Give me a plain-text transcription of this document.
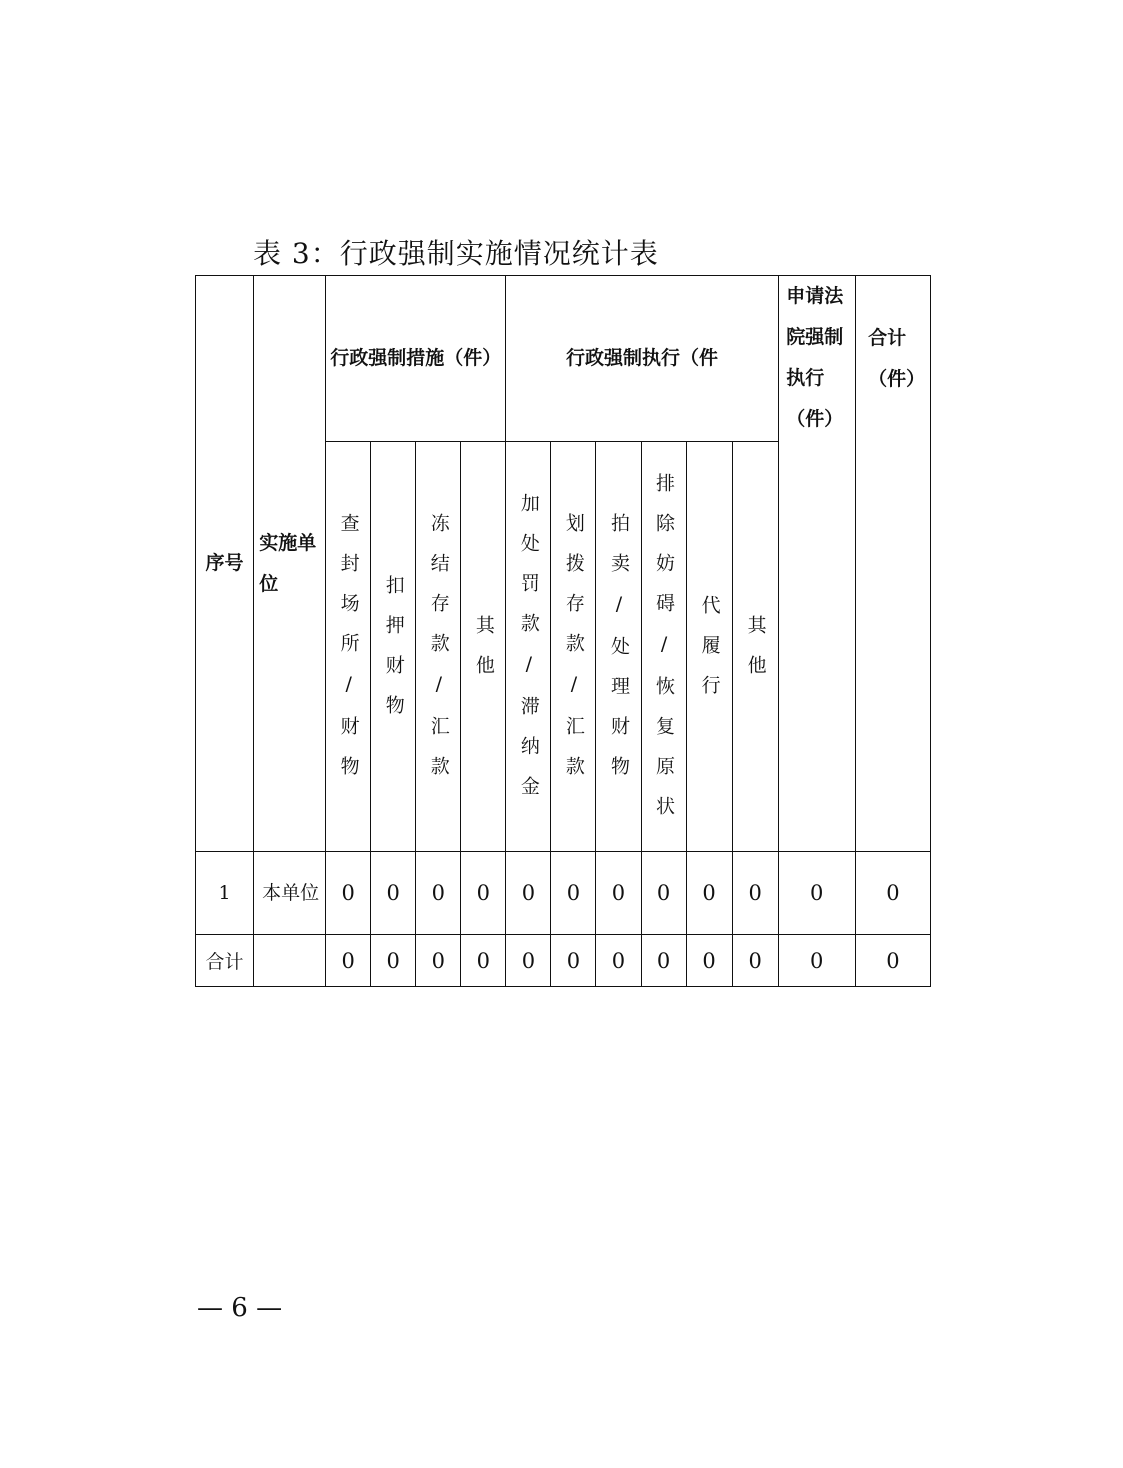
表 3：行政强制实施情况统计表
序号	实施单位	行政强制措施（件）				行政强制执行（件						申请法院强制执行（件）	合计（件）

		查封场所/财物	扣押财物	冻结存款/汇款	其他	加处罚款/滞纳金	划拨存款/汇款	拍卖/处理财物	排除妨碍/恢复原状	代履行	其他		
1	本单位	0	0	0	0	0	0	0	0	0	0	0	0
合计		0	0	0	0	0	0	0	0	0	0	0	0
— 6 —
